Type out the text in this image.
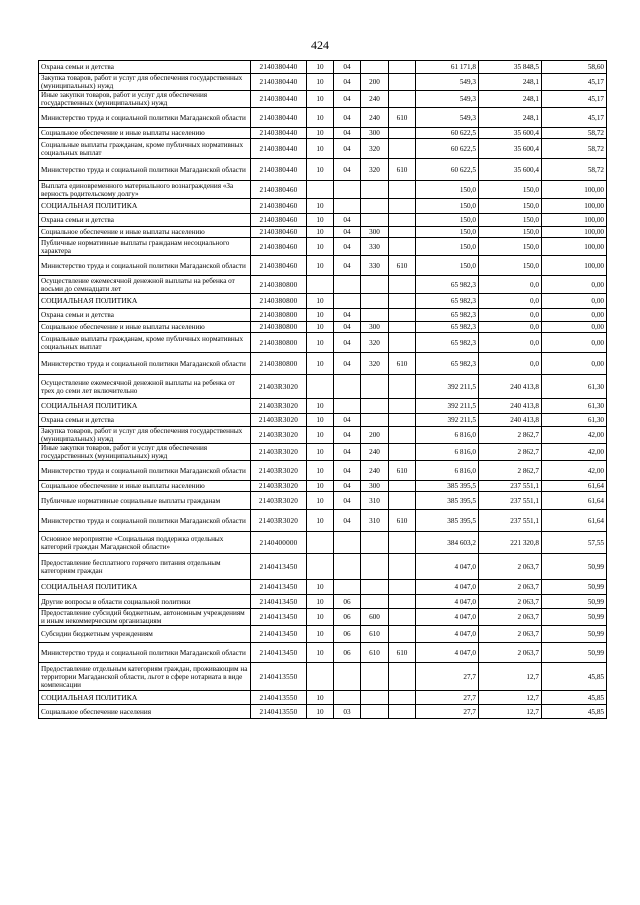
424
Охрана семьи и детства	2140380440	10	04			61 171,8	35 848,5	58,60
Закупка товаров, работ и услуг для обеспечения государственных (муниципальных) нужд	2140380440	10	04	200		549,3	248,1	45,17
Иные закупки товаров, работ и услуг для обеспечения государственных (муниципальных) нужд	2140380440	10	04	240		549,3	248,1	45,17
Министерство труда и социальной политики Магаданской области	2140380440	10	04	240	610	549,3	248,1	45,17
Социальное обеспечение и иные выплаты населению	2140380440	10	04	300		60 622,5	35 600,4	58,72
Социальные выплаты гражданам, кроме публичных нормативных социальных выплат	2140380440	10	04	320		60 622,5	35 600,4	58,72
Министерство труда и социальной политики Магаданской области	2140380440	10	04	320	610	60 622,5	35 600,4	58,72
Выплата единовременного материального вознаграждения «За верность родительскому долгу»	2140380460					150,0	150,0	100,00
СОЦИАЛЬНАЯ ПОЛИТИКА	2140380460	10				150,0	150,0	100,00
Охрана семьи и детства	2140380460	10	04			150,0	150,0	100,00
Социальное обеспечение и иные выплаты населению	2140380460	10	04	300		150,0	150,0	100,00
Публичные нормативные выплаты гражданам несоциального характера	2140380460	10	04	330		150,0	150,0	100,00
Министерство труда и социальной политики Магаданской области	2140380460	10	04	330	610	150,0	150,0	100,00
Осуществление ежемесячной денежной выплаты на ребенка от восьми до семнадцати лет	2140380800					65 982,3	0,0	0,00
СОЦИАЛЬНАЯ ПОЛИТИКА	2140380800	10				65 982,3	0,0	0,00
Охрана семьи и детства	2140380800	10	04			65 982,3	0,0	0,00
Социальное обеспечение и иные выплаты населению	2140380800	10	04	300		65 982,3	0,0	0,00
Социальные выплаты гражданам, кроме публичных нормативных социальных выплат	2140380800	10	04	320		65 982,3	0,0	0,00
Министерство труда и социальной политики Магаданской области	2140380800	10	04	320	610	65 982,3	0,0	0,00
Осуществление ежемесячной денежной выплаты на ребенка от трех до семи лет включительно	21403R3020					392 211,5	240 413,8	61,30
СОЦИАЛЬНАЯ ПОЛИТИКА	21403R3020	10				392 211,5	240 413,8	61,30
Охрана семьи и детства	21403R3020	10	04			392 211,5	240 413,8	61,30
Закупка товаров, работ и услуг для обеспечения государственных (муниципальных) нужд	21403R3020	10	04	200		6 816,0	2 862,7	42,00
Иные закупки товаров, работ и услуг для обеспечения государственных (муниципальных) нужд	21403R3020	10	04	240		6 816,0	2 862,7	42,00
Министерство труда и социальной политики Магаданской области	21403R3020	10	04	240	610	6 816,0	2 862,7	42,00
Социальное обеспечение и иные выплаты населению	21403R3020	10	04	300		385 395,5	237 551,1	61,64
Публичные нормативные социальные выплаты гражданам	21403R3020	10	04	310		385 395,5	237 551,1	61,64
Министерство труда и социальной политики Магаданской области	21403R3020	10	04	310	610	385 395,5	237 551,1	61,64
Основное мероприятие «Социальная поддержка отдельных категорий граждан Магаданской области»	2140400000					384 603,2	221 320,8	57,55
Предоставление бесплатного горячего питания отдельным категориям граждан	2140413450					4 047,0	2 063,7	50,99
СОЦИАЛЬНАЯ ПОЛИТИКА	2140413450	10				4 047,0	2 063,7	50,99
Другие вопросы в области социальной политики	2140413450	10	06			4 047,0	2 063,7	50,99
Предоставление субсидий бюджетным, автономным учреждениям и иным некоммерческим организациям	2140413450	10	06	600		4 047,0	2 063,7	50,99
Субсидии бюджетным учреждениям	2140413450	10	06	610		4 047,0	2 063,7	50,99
Министерство труда и социальной политики Магаданской области	2140413450	10	06	610	610	4 047,0	2 063,7	50,99
Предоставление отдельным категориям граждан, проживающим на территории Магаданской области, льгот в сфере нотариата в виде компенсации	2140413550					27,7	12,7	45,85
СОЦИАЛЬНАЯ ПОЛИТИКА	2140413550	10				27,7	12,7	45,85
Социальное обеспечение населения	2140413550	10	03			27,7	12,7	45,85
